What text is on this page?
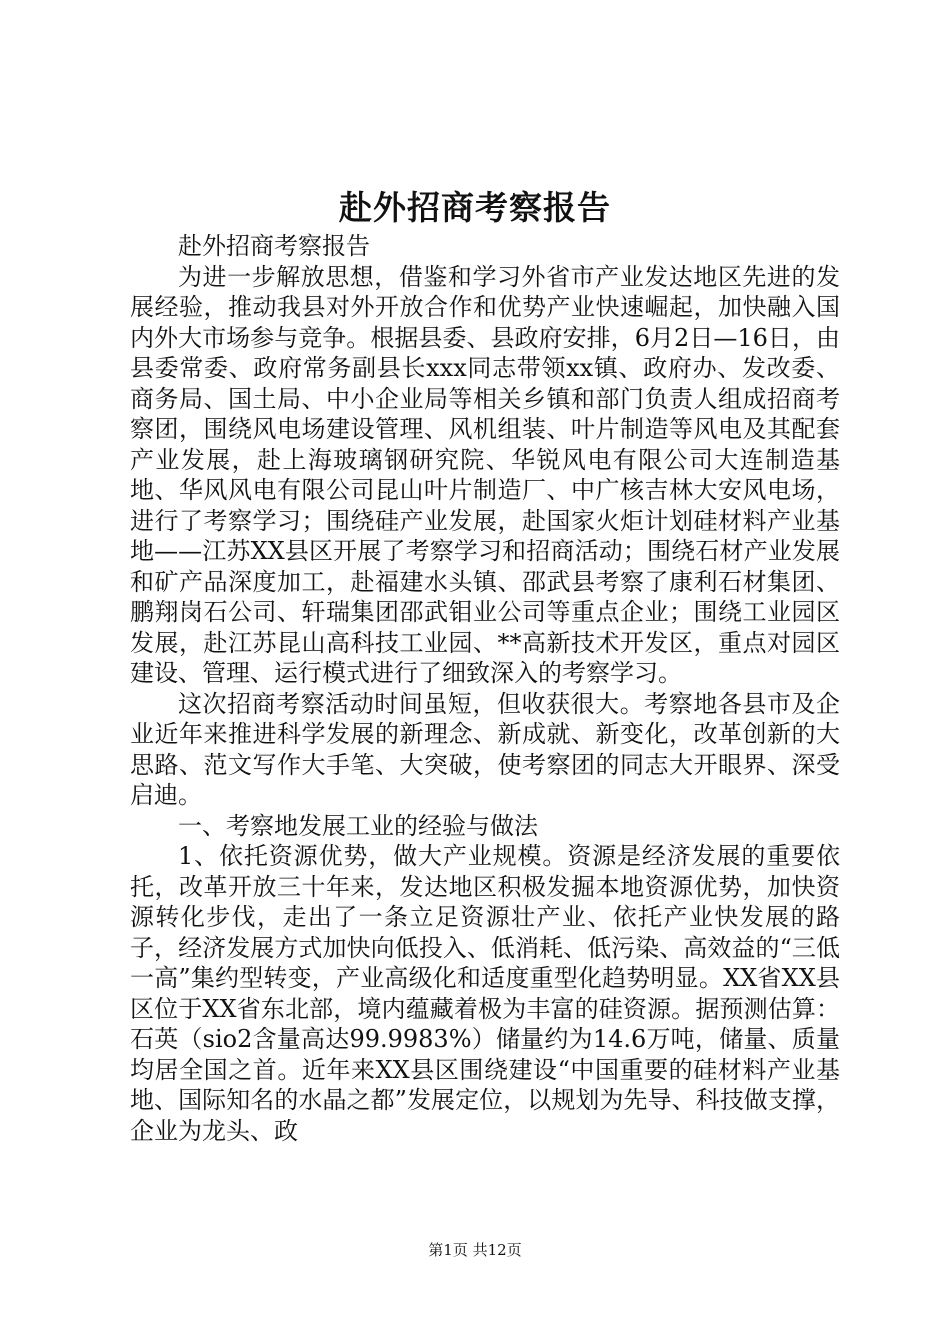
赴外招商考察报告

赴外招商考察报告

为进一步解放思想，借鉴和学习外省市产业发达地区先进的发展经验，推动我县对外开放合作和优势产业快速崛起，加快融入国内外大市场参与竞争。根据县委、县政府安排，6月2日—16日，由县委常委、政府常务副县长xxx同志带领xx镇、政府办、发改委、商务局、国土局、中小企业局等相关乡镇和部门负责人组成招商考察团，围绕风电场建设管理、风机组装、叶片制造等风电及其配套产业发展，赴上海玻璃钢研究院、华锐风电有限公司大连制造基地、华风风电有限公司昆山叶片制造厂、中广核吉林大安风电场，进行了考察学习；围绕硅产业发展，赴国家火炬计划硅材料产业基地——江苏XX县区开展了考察学习和招商活动；围绕石材产业发展和矿产品深度加工，赴福建水头镇、邵武县考察了康利石材集团、鹏翔岗石公司、轩瑞集团邵武钼业公司等重点企业；围绕工业园区发展，赴江苏昆山高科技工业园、**高新技术开发区，重点对园区建设、管理、运行模式进行了细致深入的考察学习。

这次招商考察活动时间虽短，但收获很大。考察地各县市及企业近年来推进科学发展的新理念、新成就、新变化，改革创新的大思路、范文写作大手笔、大突破，使考察团的同志大开眼界、深受启迪。

一、考察地发展工业的经验与做法

1、依托资源优势，做大产业规模。资源是经济发展的重要依托，改革开放三十年来，发达地区积极发掘本地资源优势，加快资源转化步伐，走出了一条立足资源壮产业、依托产业快发展的路子，经济发展方式加快向低投入、低消耗、低污染、高效益的“三低一高”集约型转变，产业高级化和适度重型化趋势明显。XX省XX县区位于XX省东北部，境内蕴藏着极为丰富的硅资源。据预测估算：石英（sio2含量高达99.9983%）储量约为14.6万吨，储量、质量均居全国之首。近年来XX县区围绕建设“中国重要的硅材料产业基地、国际知名的水晶之都”发展定位，以规划为先导、科技做支撑，企业为龙头、政

第1页 共12页
